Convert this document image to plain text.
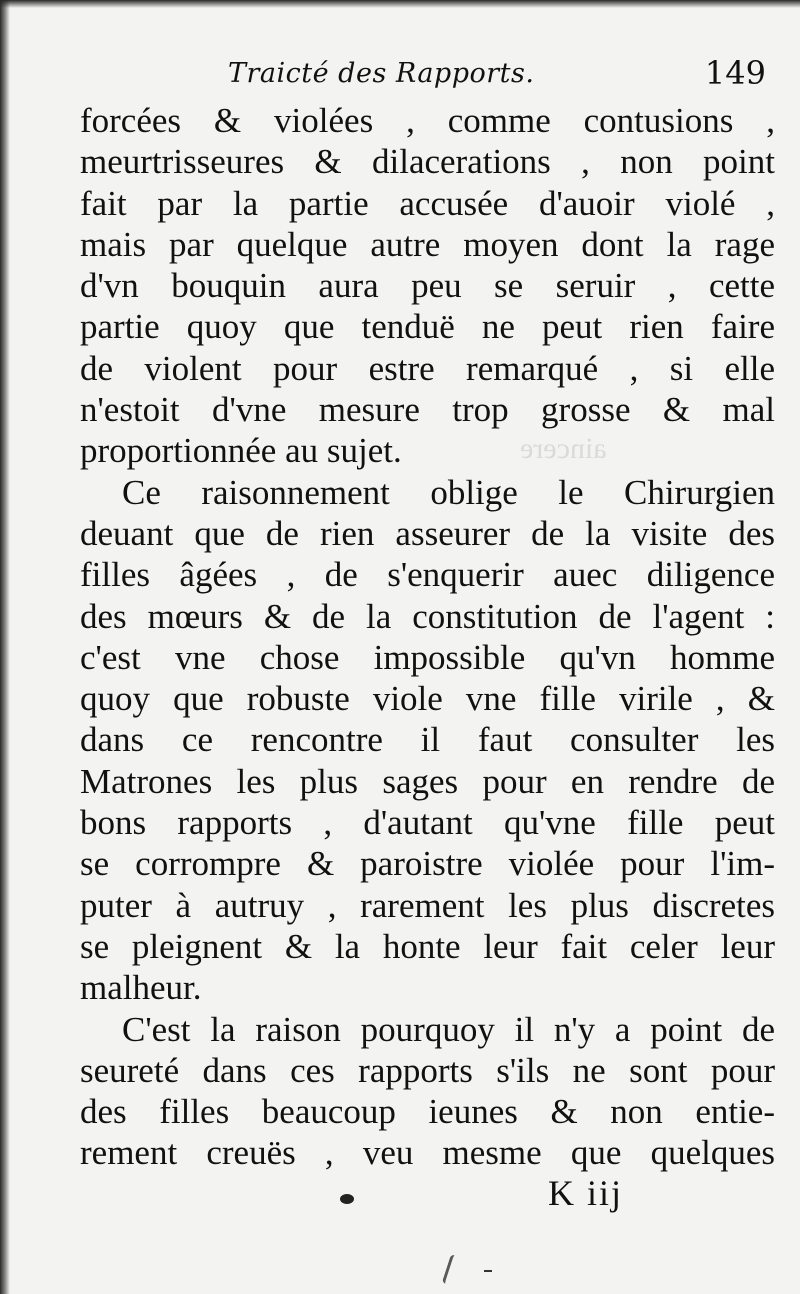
aincere
Traicté des Rapports.	149
forcées & violées , comme contusions ,
meurtrisseures & dilacerations , non point
fait par la partie accusée d'auoir violé ,
mais par quelque autre moyen dont la rage
d'vn bouquin aura peu se seruir , cette
partie quoy que tenduë ne peut rien faire
de violent pour estre remarqué , si elle
n'estoit d'vne mesure trop grosse & mal
proportionnée au sujet.
Ce raisonnement oblige le Chirurgien
deuant que de rien asseurer de la visite des
filles âgées , de s'enquerir auec diligence
des mœurs & de la constitution de l'agent :
c'est vne chose impossible qu'vn homme
quoy que robuste viole vne fille virile , &
dans ce rencontre il faut consulter les
Matrones les plus sages pour en rendre de
bons rapports , d'autant qu'vne fille peut
se corrompre & paroistre violée pour l'im-
puter à autruy , rarement les plus discretes
se pleignent & la honte leur fait celer leur
malheur.
C'est la raison pourquoy il n'y a point de
seureté dans ces rapports s'ils ne sont pour
des filles beaucoup ieunes & non entie-
rement creuës , veu mesme que quelques
K iij
